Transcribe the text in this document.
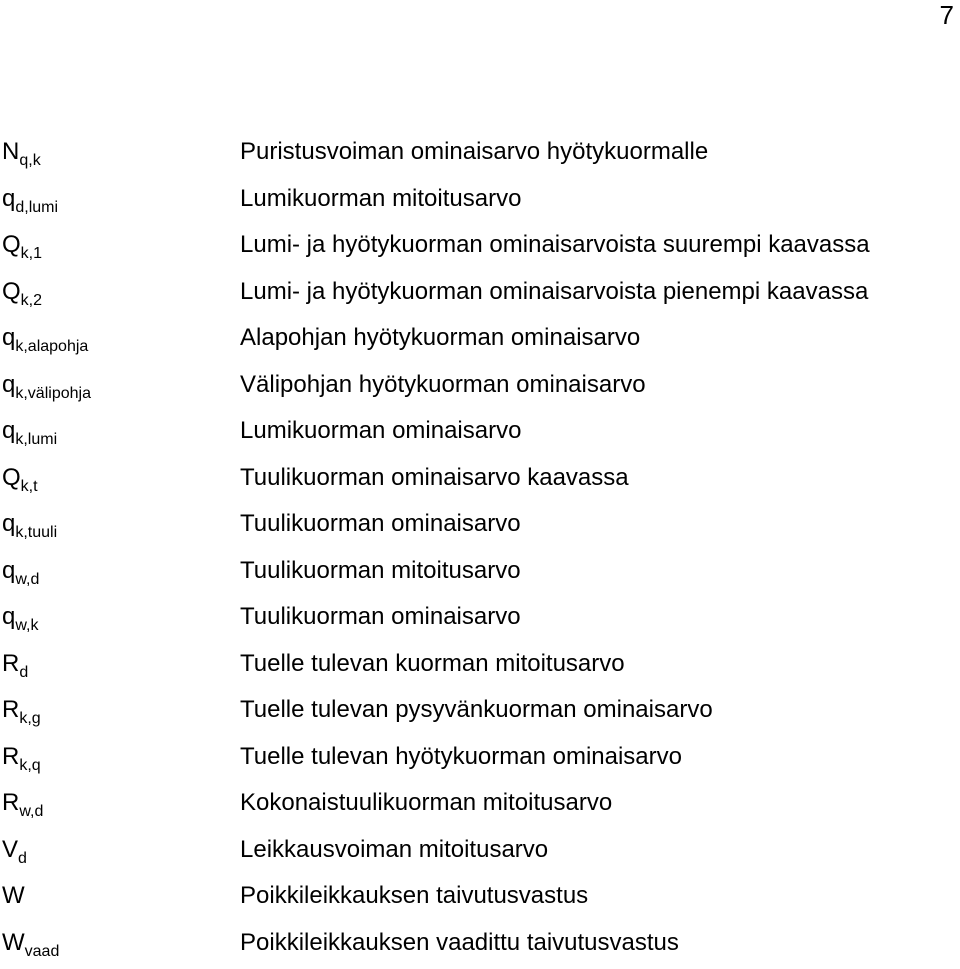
7
$N_{q,k}$	Puristusvoiman ominaisarvo hyötykuormalle
$q_{d,lumi}$	Lumikuorman mitoitusarvo
$Q_{k,1}$	Lumi- ja hyötykuorman ominaisarvoista suurempi kaavassa
$Q_{k,2}$	Lumi- ja hyötykuorman ominaisarvoista pienempi kaavassa
$q_{k,alapohja}$	Alapohjan hyötykuorman ominaisarvo
$q_{k,välipohja}$	Välipohjan hyötykuorman ominaisarvo
$q_{k,lumi}$	Lumikuorman ominaisarvo
$Q_{k,t}$	Tuulikuorman ominaisarvo kaavassa
$q_{k,tuuli}$	Tuulikuorman ominaisarvo
$q_{w,d}$	Tuulikuorman mitoitusarvo
$q_{w,k}$	Tuulikuorman ominaisarvo
$R_d$	Tuelle tulevan kuorman mitoitusarvo
$R_{k,g}$	Tuelle tulevan pysyvänkuorman ominaisarvo
$R_{k,q}$	Tuelle tulevan hyötykuorman ominaisarvo
$R_{w,d}$	Kokonaistuulikuorman mitoitusarvo
$V_d$	Leikkausvoiman mitoitusarvo
W	Poikkileikkauksen taivutusvastus
$W_{vaad}$	Poikkileikkauksen vaadittu taivutusvastus
